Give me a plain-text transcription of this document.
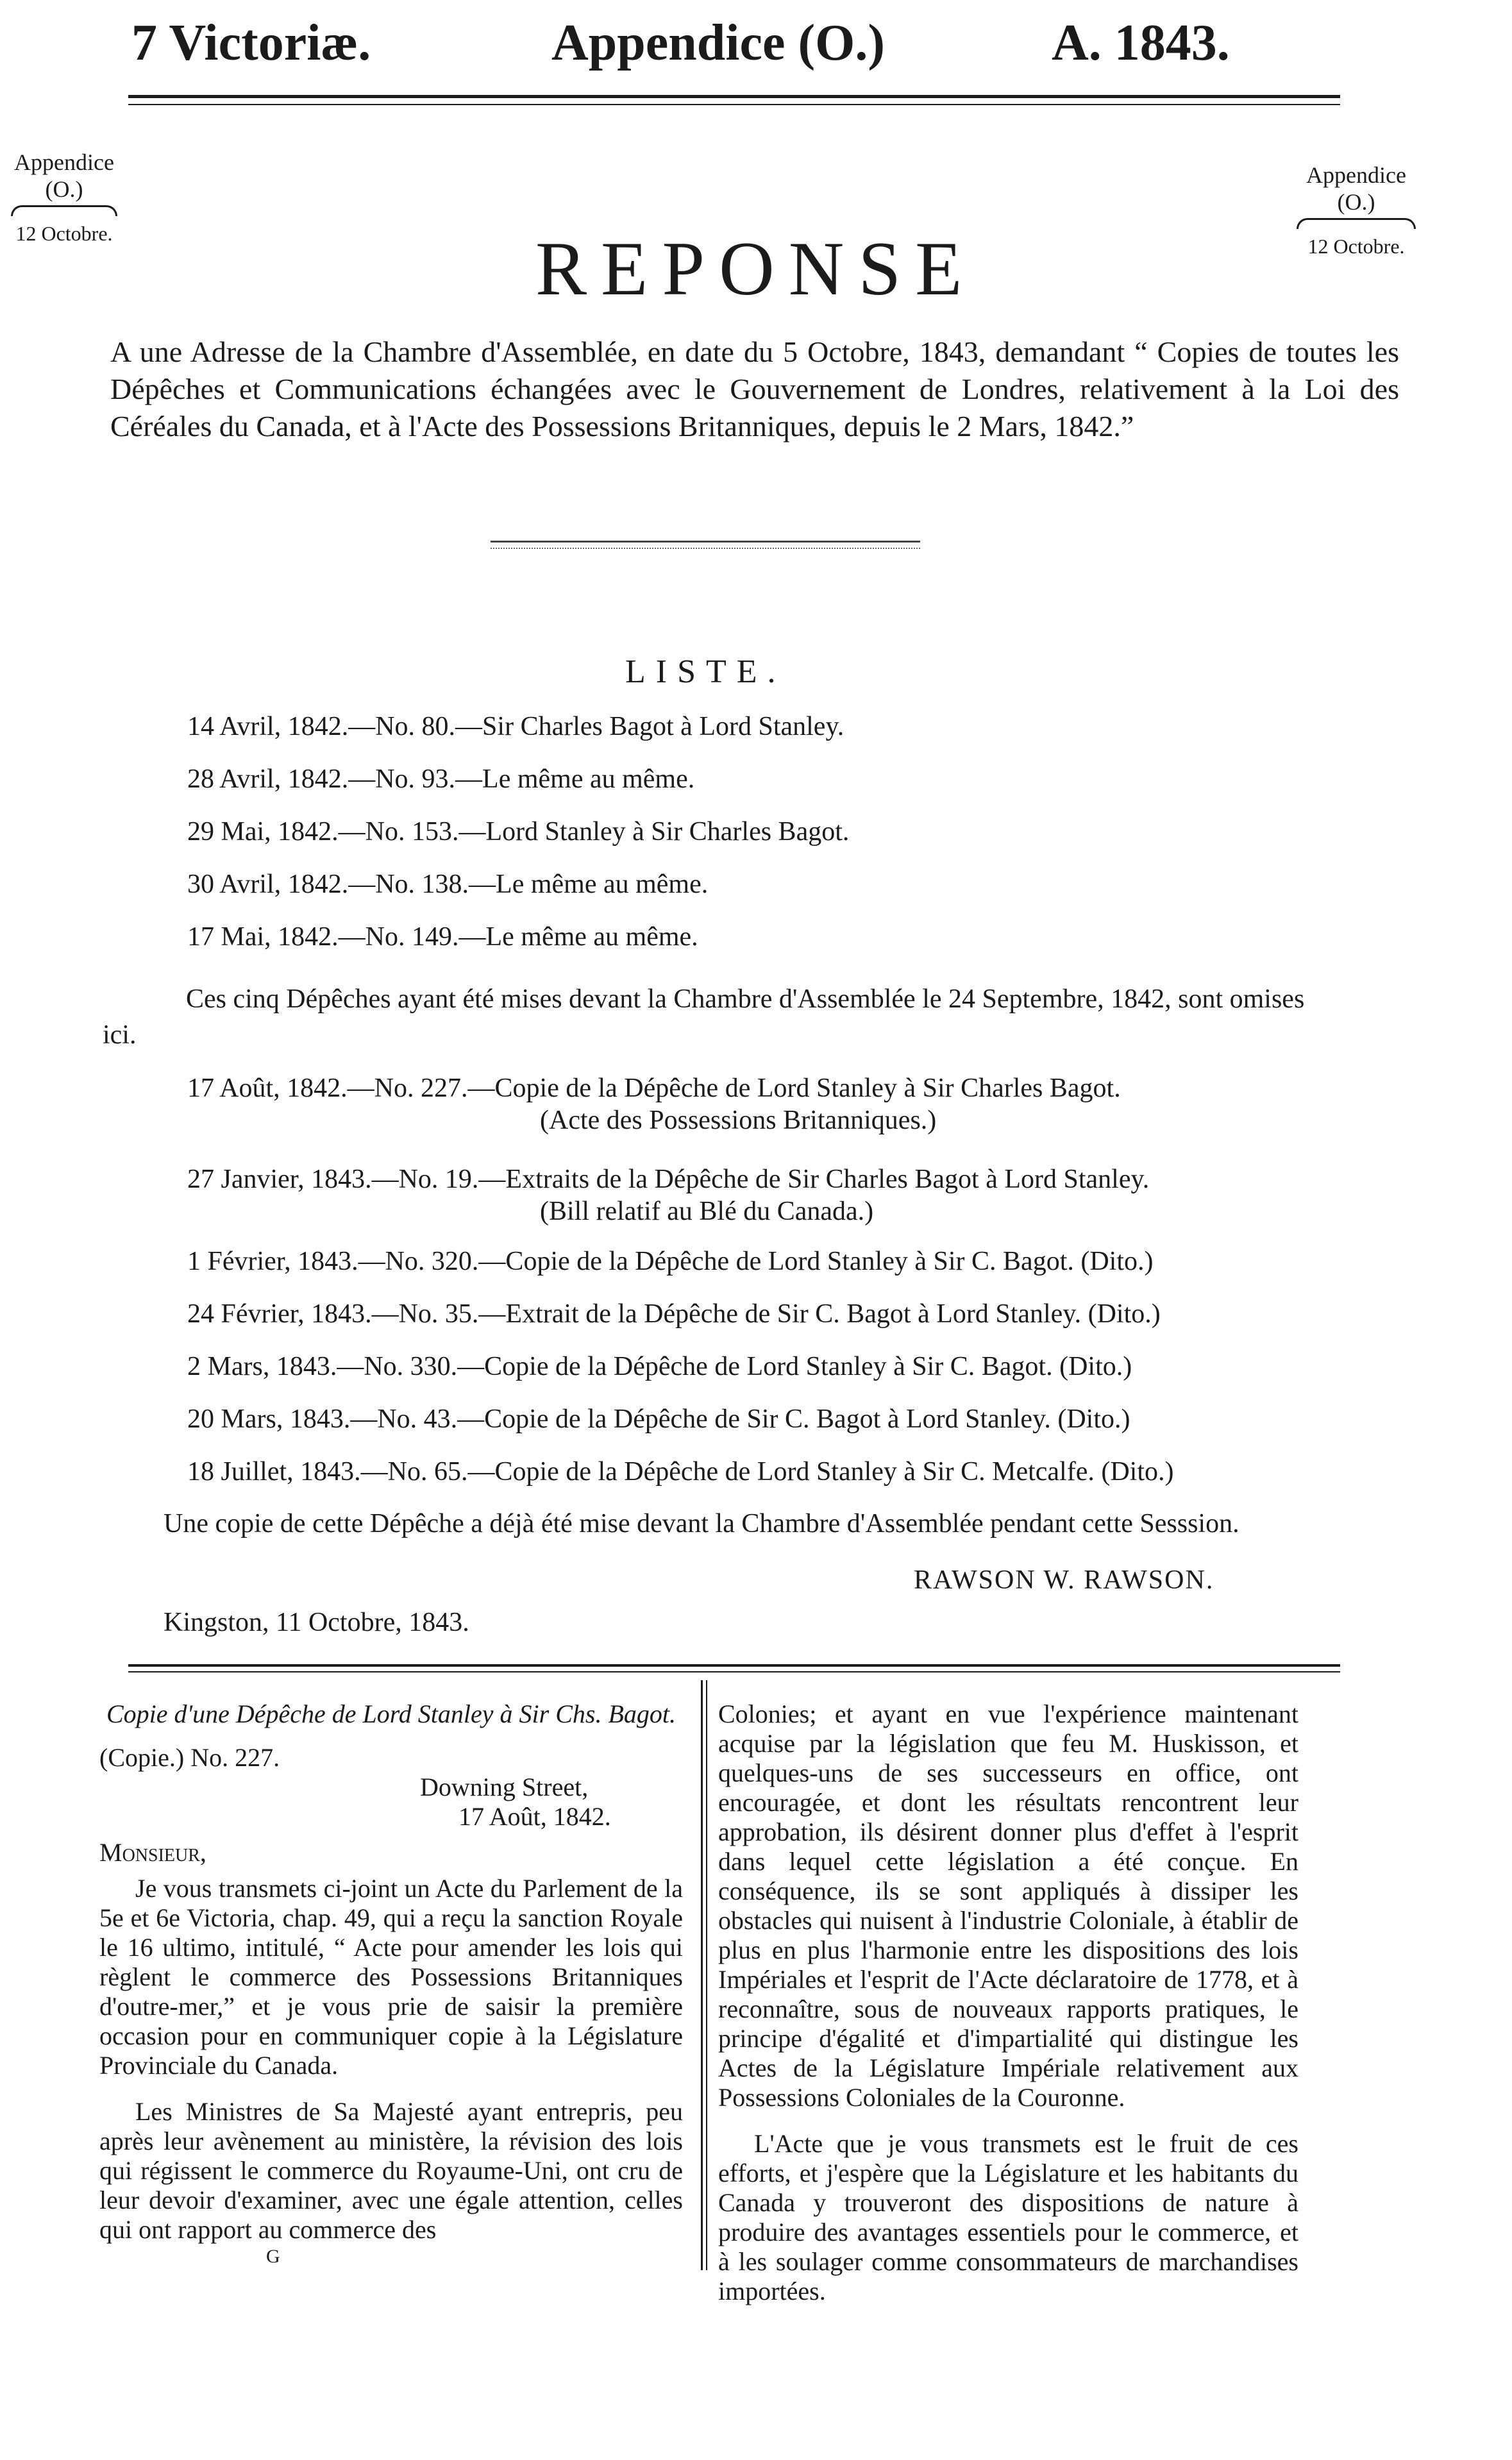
7 Victoriæ.	Appendice (O.)	A. 1843.
Appendice
(O.)
12 Octobre.
Appendice
(O.)
12 Octobre.
REPONSE
A une Adresse de la Chambre d'Assemblée, en date du 5 Octobre, 1843, demandant “ Copies de toutes les Dépêches et Communications échangées avec le Gouvernement de Londres, relativement à la Loi des Céréales du Canada, et à l'Acte des Possessions Britanniques, depuis le 2 Mars, 1842.”
LISTE.
14 Avril, 1842.—No. 80.—Sir Charles Bagot à Lord Stanley.
28 Avril, 1842.—No. 93.—Le même au même.
29 Mai, 1842.—No. 153.—Lord Stanley à Sir Charles Bagot.
30 Avril, 1842.—No. 138.—Le même au même.
17 Mai, 1842.—No. 149.—Le même au même.
Ces cinq Dépêches ayant été mises devant la Chambre d'Assemblée le 24 Septembre, 1842, sont omises ici.
17 Août, 1842.—No. 227.—Copie de la Dépêche de Lord Stanley à Sir Charles Bagot.
(Acte des Possessions Britanniques.)
27 Janvier, 1843.—No. 19.—Extraits de la Dépêche de Sir Charles Bagot à Lord Stanley.
(Bill relatif au Blé du Canada.)
1 Février, 1843.—No. 320.—Copie de la Dépêche de Lord Stanley à Sir C. Bagot. (Dito.)
24 Février, 1843.—No. 35.—Extrait de la Dépêche de Sir C. Bagot à Lord Stanley. (Dito.)
2 Mars, 1843.—No. 330.—Copie de la Dépêche de Lord Stanley à Sir C. Bagot. (Dito.)
20 Mars, 1843.—No. 43.—Copie de la Dépêche de Sir C. Bagot à Lord Stanley. (Dito.)
18 Juillet, 1843.—No. 65.—Copie de la Dépêche de Lord Stanley à Sir C. Metcalfe. (Dito.)
Une copie de cette Dépêche a déjà été mise devant la Chambre d'Assemblée pendant cette Sesssion.
RAWSON W. RAWSON.
Kingston, 11 Octobre, 1843.

Copie d'une Dépêche de Lord Stanley à Sir Chs. Bagot.

(Copie.) No. 227.

Downing Street,

17 Août, 1842.

Monsieur,

Je vous transmets ci-joint un Acte du Parlement de la 5e et 6e Victoria, chap. 49, qui a reçu la sanction Royale le 16 ultimo, intitulé, “ Acte pour amender les lois qui règlent le commerce des Possessions Britanniques d'outre-mer,” et je vous prie de saisir la première occasion pour en communiquer copie à la Législature Provinciale du Canada.

Les Ministres de Sa Majesté ayant entrepris, peu après leur avènement au ministère, la révision des lois qui régissent le commerce du Royaume-Uni, ont cru de leur devoir d'examiner, avec une égale attention, celles qui ont rapport au commerce des

G

Colonies; et ayant en vue l'expérience maintenant acquise par la législation que feu M. Huskisson, et quelques-uns de ses successeurs en office, ont encouragée, et dont les résultats rencontrent leur approbation, ils désirent donner plus d'effet à l'esprit dans lequel cette législation a été conçue. En conséquence, ils se sont appliqués à dissiper les obstacles qui nuisent à l'industrie Coloniale, à établir de plus en plus l'harmonie entre les dispositions des lois Impériales et l'esprit de l'Acte déclaratoire de 1778, et à reconnaître, sous de nouveaux rapports pratiques, le principe d'égalité et d'impartialité qui distingue les Actes de la Législature Impériale relativement aux Possessions Coloniales de la Couronne.

L'Acte que je vous transmets est le fruit de ces efforts, et j'espère que la Législature et les habitants du Canada y trouveront des dispositions de nature à produire des avantages essentiels pour le commerce, et à les soulager comme consommateurs de marchandises importées.
